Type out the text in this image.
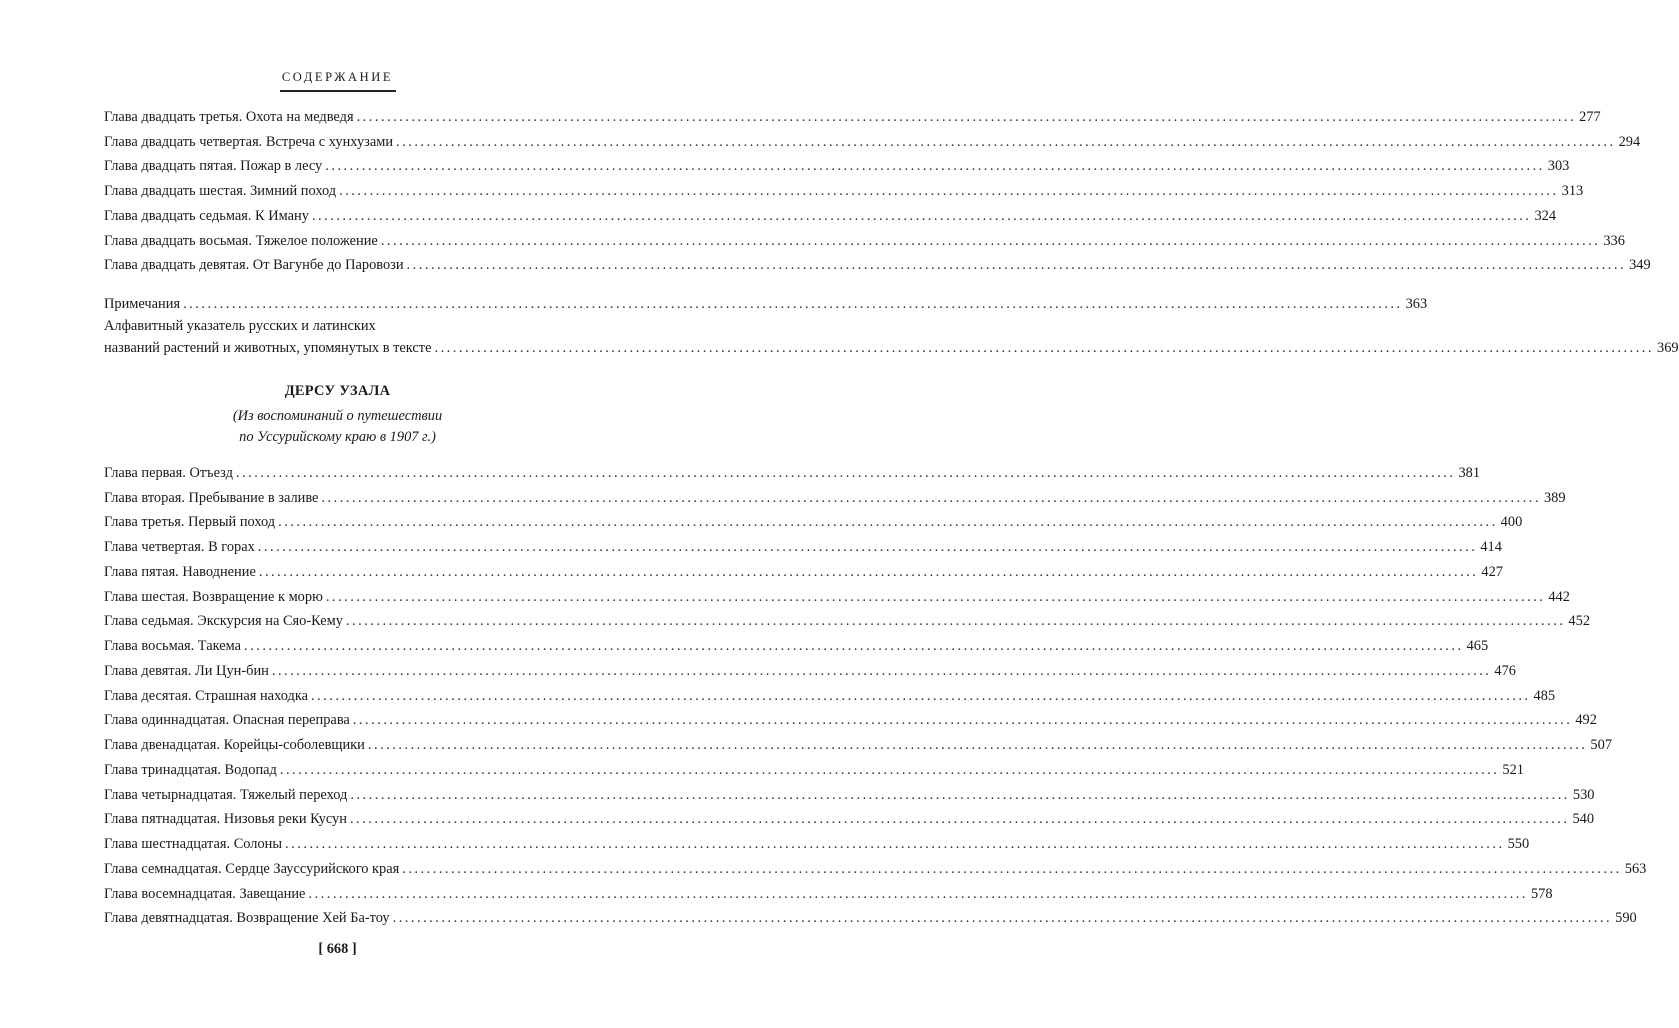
СОДЕРЖАНИЕ
Глава двадцать третья. Охота на медведя ........................................................................................................................................................................................................ 277
Глава двадцать четвертая. Встреча с хунхузами ........................................................................................................................................................................................................ 294
Глава двадцать пятая. Пожар в лесу ........................................................................................................................................................................................................ 303
Глава двадцать шестая. Зимний поход ........................................................................................................................................................................................................ 313
Глава двадцать седьмая. К Иману ........................................................................................................................................................................................................ 324
Глава двадцать восьмая. Тяжелое положение ........................................................................................................................................................................................................ 336
Глава двадцать девятая. От Вагунбе до Паровози ........................................................................................................................................................................................................ 349
Примечания ........................................................................................................................................................................................................ 363
Алфавитный указатель русских и латинских
названий растений и животных, упомянутых в тексте ........................................................................................................................................................................................................ 369
ДЕРСУ УЗАЛА
(Из воспоминаний о путешествии
по Уссурийскому краю в 1907 г.)
Глава первая. Отъезд ........................................................................................................................................................................................................ 381
Глава вторая. Пребывание в заливе ........................................................................................................................................................................................................ 389
Глава третья. Первый поход ........................................................................................................................................................................................................ 400
Глава четвертая. В горах ........................................................................................................................................................................................................ 414
Глава пятая. Наводнение ........................................................................................................................................................................................................ 427
Глава шестая. Возвращение к морю ........................................................................................................................................................................................................ 442
Глава седьмая. Экскурсия на Сяо-Кему ........................................................................................................................................................................................................ 452
Глава восьмая. Такема ........................................................................................................................................................................................................ 465
Глава девятая. Ли Цун-бин ........................................................................................................................................................................................................ 476
Глава десятая. Страшная находка ........................................................................................................................................................................................................ 485
Глава одиннадцатая. Опасная переправа ........................................................................................................................................................................................................ 492
Глава двенадцатая. Корейцы-соболевщики ........................................................................................................................................................................................................ 507
Глава тринадцатая. Водопад ........................................................................................................................................................................................................ 521
Глава четырнадцатая. Тяжелый переход ........................................................................................................................................................................................................ 530
Глава пятнадцатая. Низовья реки Кусун ........................................................................................................................................................................................................ 540
Глава шестнадцатая. Солоны ........................................................................................................................................................................................................ 550
Глава семнадцатая. Сердце Зауссурийского края ........................................................................................................................................................................................................ 563
Глава восемнадцатая. Завещание ........................................................................................................................................................................................................ 578
Глава девятнадцатая. Возвращение Хей Ба-тоу ........................................................................................................................................................................................................ 590
[ 668 ]
